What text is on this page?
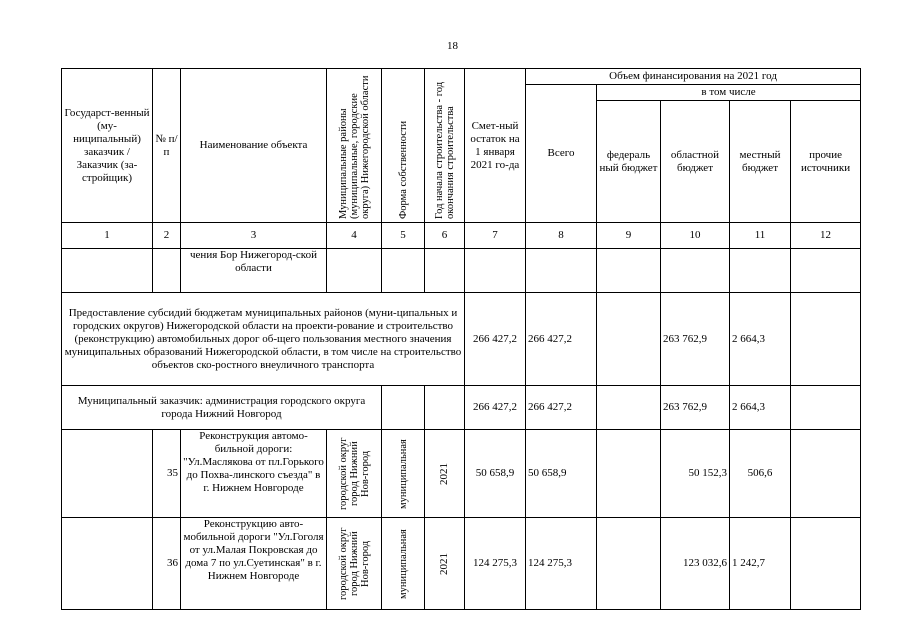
18
Государст-венный (му-ниципальный) заказчик / Заказчик (за-стройщик)	№ п/п	Наименование объекта	Муниципальные районы (муниципальные, городские округа) Нижегородской области	Форма собственности	Год начала строительства - год окончания строительства	Смет-ный остаток на 1 января 2021 го-да	Объем финансирования на 2021 год				
							Всего	в том числе			
								федераль ный бюджет	областной бюджет	местный бюджет	прочие источники
1	2	3	4	5	6	7	8	9	10	11	12
		чения Бор Нижегород-ской области									
Предоставление субсидий бюджетам муниципальных районов (муни-ципальных и городских округов) Нижегородской области на проекти-рование и строительство (реконструкцию) автомобильных дорог об-щего пользования местного значения муниципальных образований Нижегородской области, в том числе на строительство объектов ско-ростного внеуличного транспорта						266 427,2	266 427,2		263 762,9	2 664,3	
Муниципальный заказчик: администрация городского округа города Нижний Новгород						266 427,2	266 427,2		263 762,9	2 664,3	
	35	Реконструкция автомо-бильной дороги: "Ул.Маслякова от пл.Горького до Похва-линского съезда" в г. Нижнем Новгороде	городской округ город Нижний Нов-город	муниципальная	2021	50 658,9	50 658,9		50 152,3	506,6	
	36	Реконструкцию авто-мобильной дороги "Ул.Гоголя от ул.Малая Покровская до дома 7 по ул.Суетинская" в г. Нижнем Новгороде	городской округ город Нижний Нов-город	муниципальная	2021	124 275,3	124 275,3		123 032,6	1 242,7	
